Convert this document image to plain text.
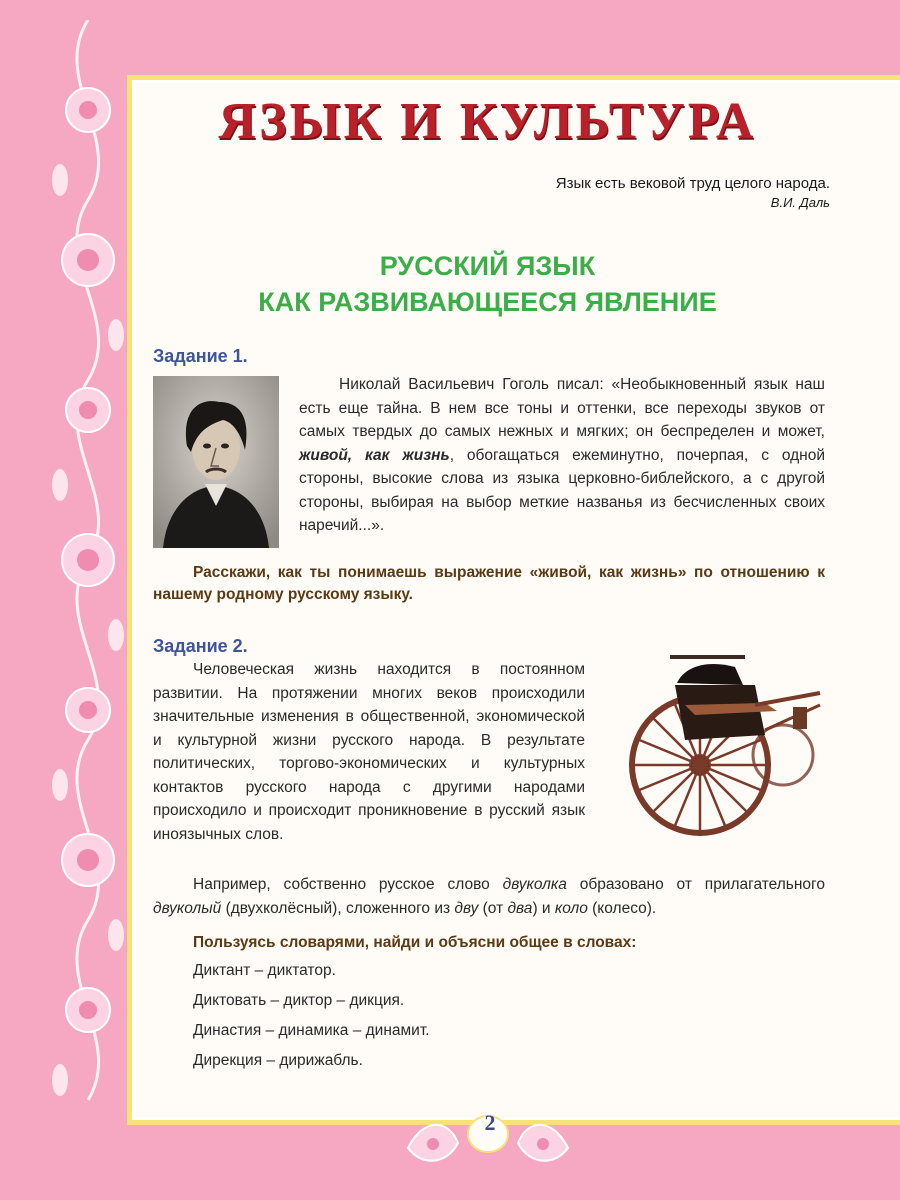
ЯЗЫК И КУЛЬТУРА
Язык есть вековой труд целого народа.
В.И. Даль
РУССКИЙ ЯЗЫК
КАК РАЗВИВАЮЩЕЕСЯ ЯВЛЕНИЕ
Задание 1.

Николай Васильевич Гоголь писал: «Необыкновенный язык наш есть еще тайна. В нем все тоны и оттенки, все переходы звуков от самых твердых до самых нежных и мягких; он беспределен и может, живой, как жизнь, обогащаться ежеминутно, почерпая, с одной стороны, высокие слова из языка церковно-библейского, а с другой стороны, выбирая на выбор меткие названья из бесчисленных своих наречий...».

Расскажи, как ты понимаешь выражение «живой, как жизнь» по отношению к нашему родному русскому языку.
Задание 2.

Человеческая жизнь находится в постоянном развитии. На протяжении многих веков происходили значительные изменения в общественной, экономической и культурной жизни русского народа. В результате политических, торгово-экономических и культурных контактов русского народа с другими народами происходило и происходит проникновение в русский язык иноязычных слов.

Например, собственно русское слово двуколка образовано от прилагательного двуколый (двухколёсный), сложенного из дву (от два) и коло (колесо).

Пользуясь словарями, найди и объясни общее в словах:
Диктант – диктатор.
Диктовать – диктор – дикция.
Династия – динамика – динамит.
Дирекция – дирижабль.
2
